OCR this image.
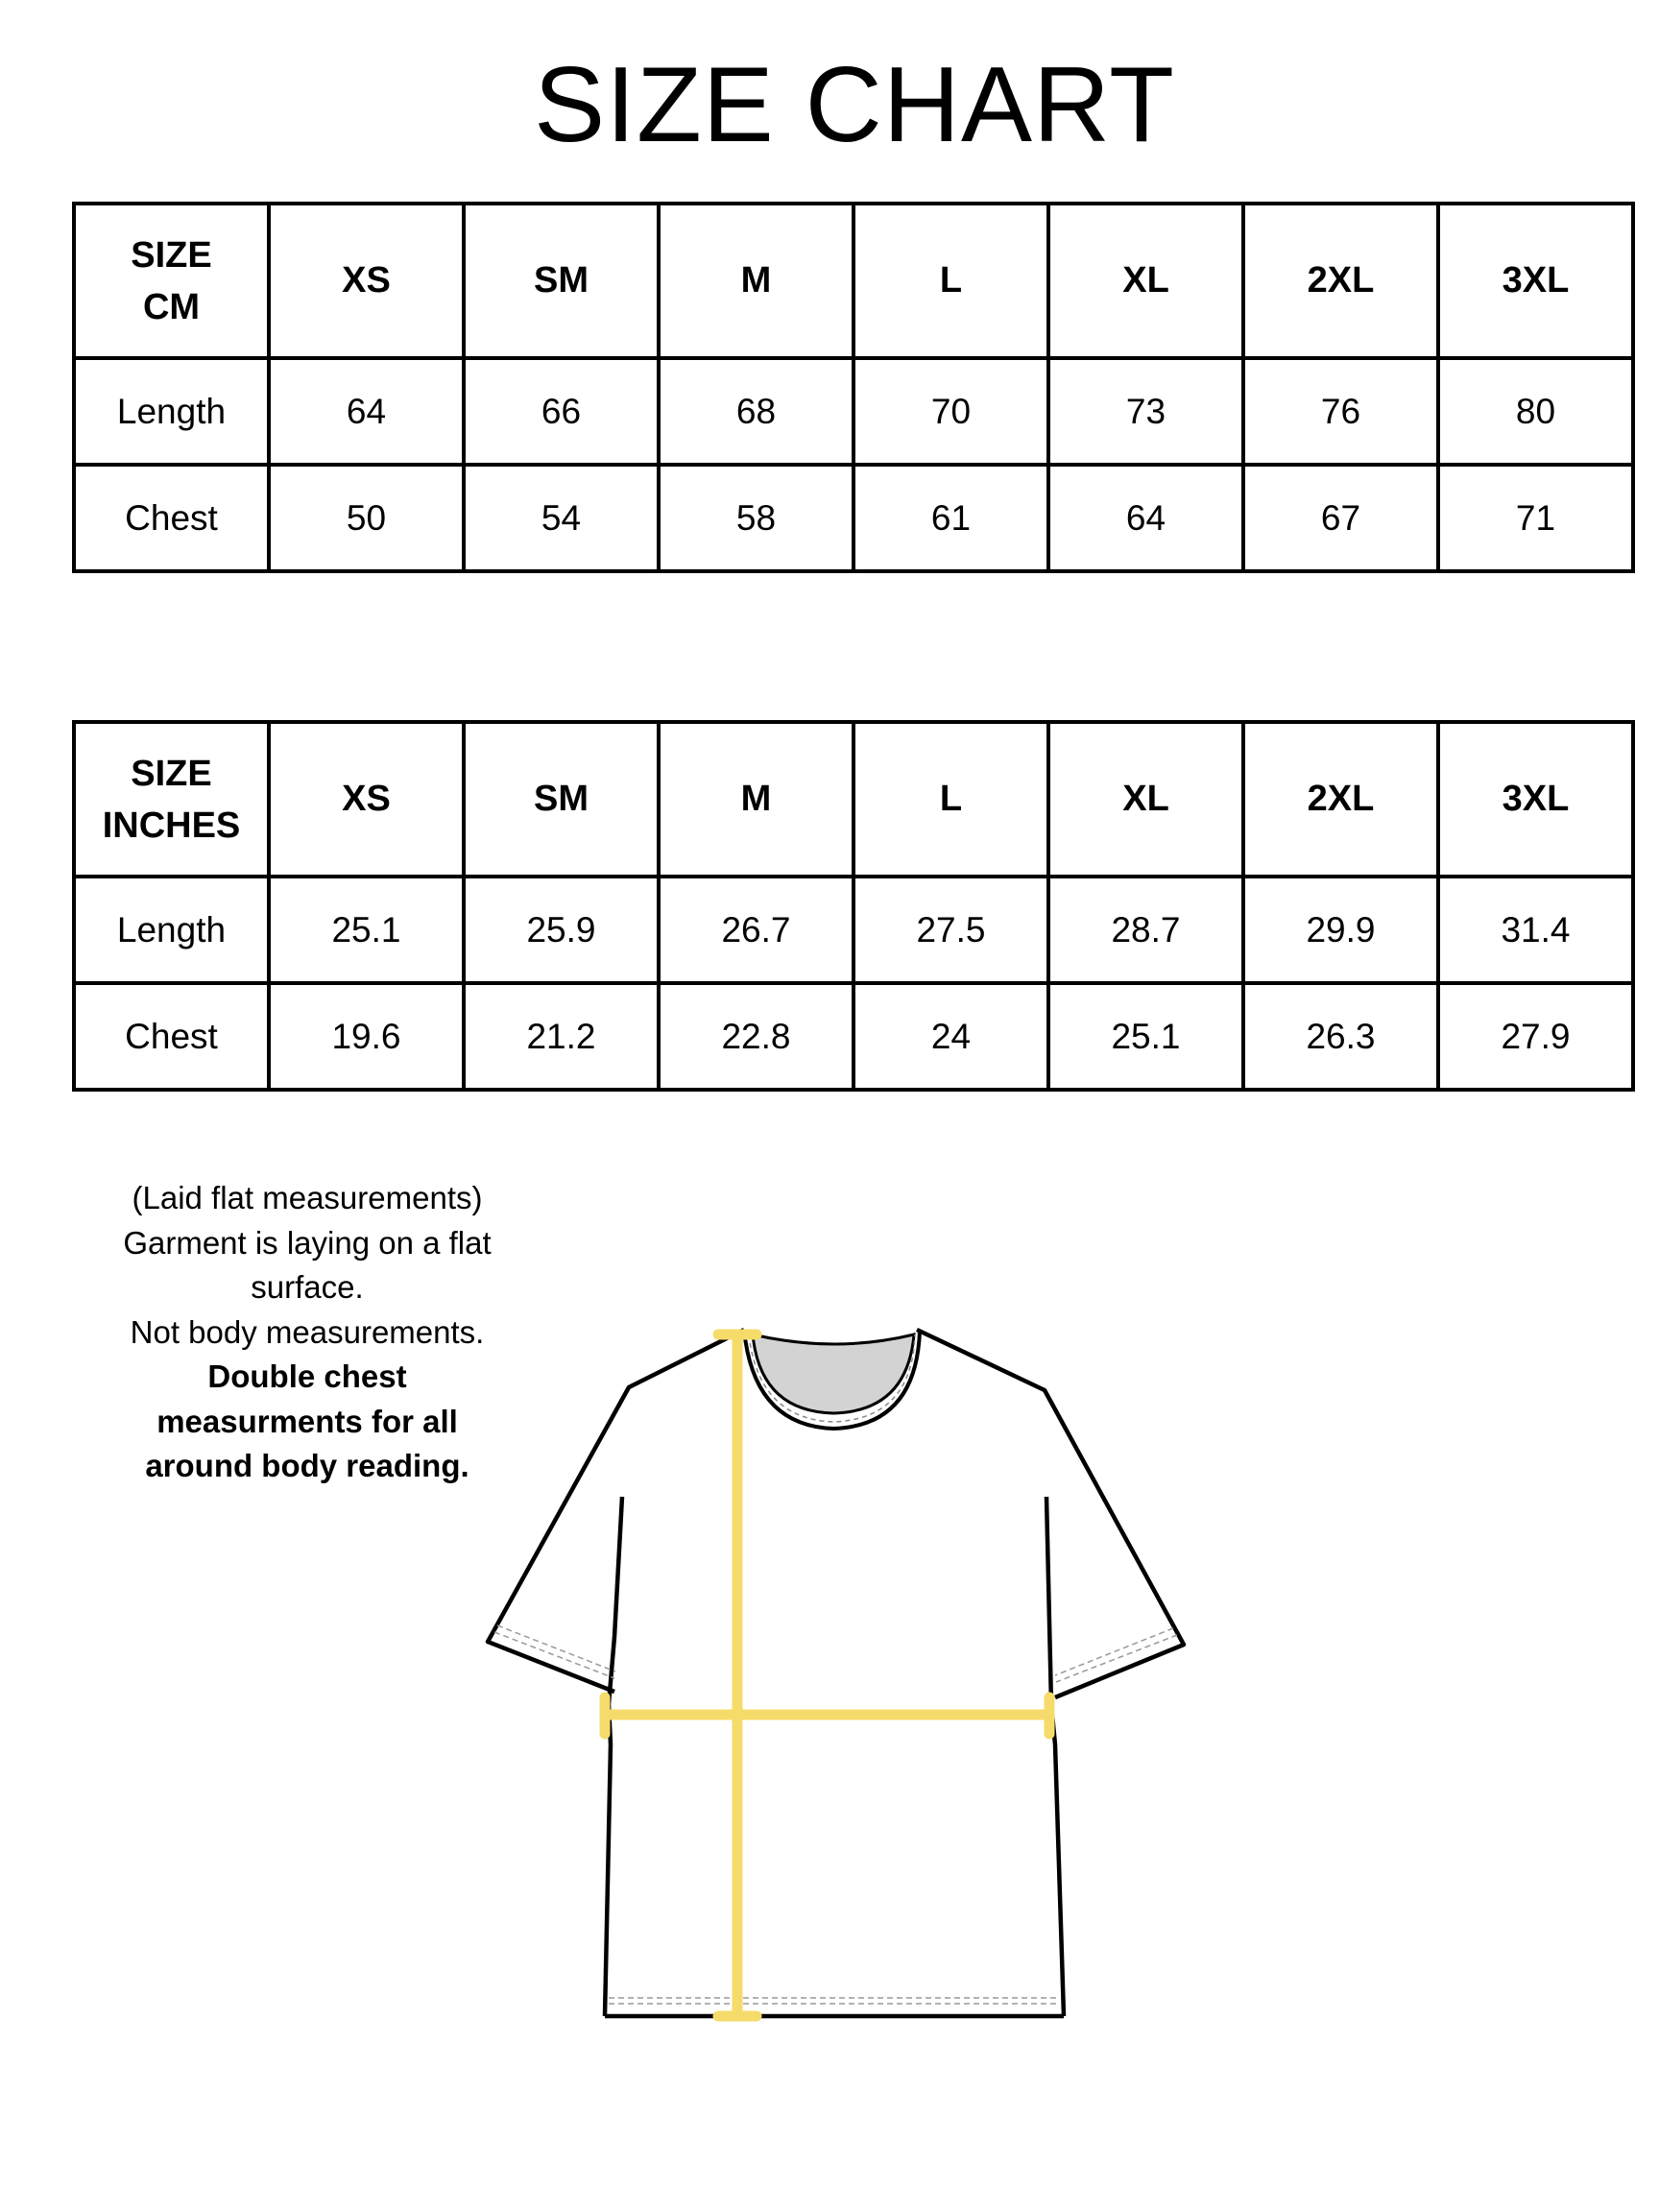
SIZE CHART
SIZE
CM	XS	SM	M	L	XL	2XL	3XL
Length	64	66	68	70	73	76	80
Chest	50	54	58	61	64	67	71
SIZE
INCHES	XS	SM	M	L	XL	2XL	3XL
Length	25.1	25.9	26.7	27.5	28.7	29.9	31.4
Chest	19.6	21.2	22.8	24	25.1	26.3	27.9
(Laid flat measurements)
Garment is laying on a flat
surface.
Not body measurements.
Double chest
measurments for all
around body reading.
